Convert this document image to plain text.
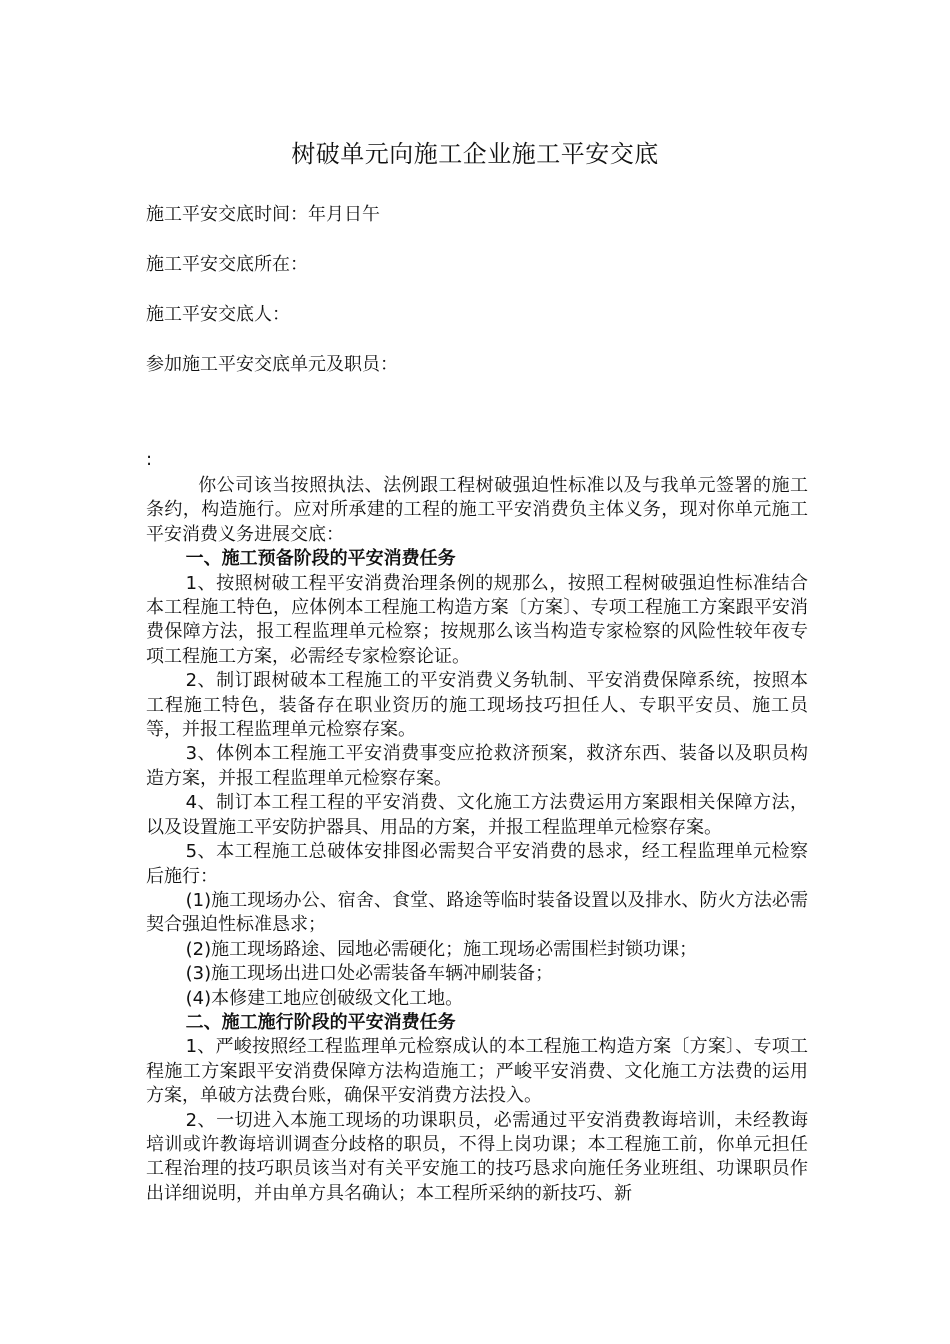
树破单元向施工企业施工平安交底
施工平安交底时间：年月日午
施工平安交底所在：
施工平安交底人：
参加施工平安交底单元及职员：
:

你公司该当按照执法、法例跟工程树破强迫性标准以及与我单元签署的施工条约，构造施行。应对所承建的工程的施工平安消费负主体义务，现对你单元施工平安消费义务进展交底：

一、施工预备阶段的平安消费任务

1、按照树破工程平安消费治理条例的规那么，按照工程树破强迫性标准结合本工程施工特色，应体例本工程施工构造方案〔方案〕、专项工程施工方案跟平安消费保障方法，报工程监理单元检察；按规那么该当构造专家检察的风险性较年夜专项工程施工方案，必需经专家检察论证。

2、制订跟树破本工程施工的平安消费义务轨制、平安消费保障系统，按照本工程施工特色，装备存在职业资历的施工现场技巧担任人、专职平安员、施工员等，并报工程监理单元检察存案。

3、体例本工程施工平安消费事变应抢救济预案，救济东西、装备以及职员构造方案，并报工程监理单元检察存案。

4、制订本工程工程的平安消费、文化施工方法费运用方案跟相关保障方法，以及设置施工平安防护器具、用品的方案，并报工程监理单元检察存案。

5、本工程施工总破体安排图必需契合平安消费的恳求，经工程监理单元检察后施行：

(1)施工现场办公、宿舍、食堂、路途等临时装备设置以及排水、防火方法必需契合强迫性标准恳求；

(2)施工现场路途、园地必需硬化；施工现场必需围栏封锁功课；

(3)施工现场出进口处必需装备车辆冲刷装备；

(4)本修建工地应创破级文化工地。

二、施工施行阶段的平安消费任务

1、严峻按照经工程监理单元检察成认的本工程施工构造方案〔方案〕、专项工程施工方案跟平安消费保障方法构造施工；严峻平安消费、文化施工方法费的运用方案，单破方法费台账，确保平安消费方法投入。

2、一切进入本施工现场的功课职员，必需通过平安消费教诲培训，未经教诲培训或许教诲培训调查分歧格的职员，不得上岗功课；本工程施工前，你单元担任工程治理的技巧职员该当对有关平安施工的技巧恳求向施任务业班组、功课职员作出详细说明，并由单方具名确认；本工程所采纳的新技巧、新
